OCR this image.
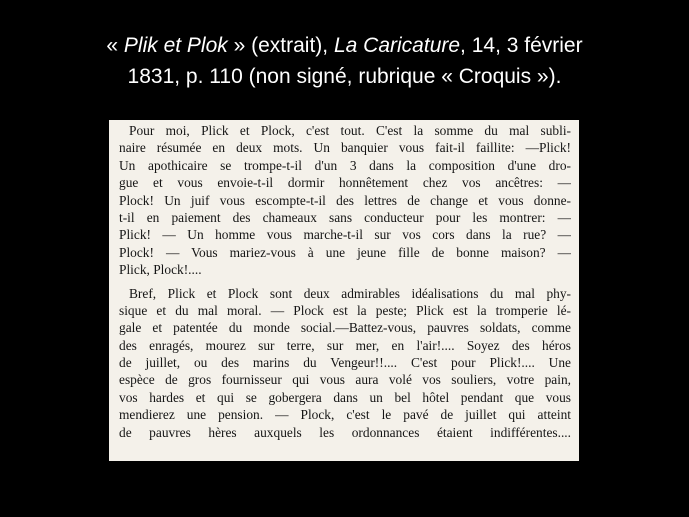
« Plik et Plok » (extrait), La Caricature, 14, 3 février
1831, p. 110 (non signé, rubrique « Croquis »).
Pour moi, Plick et Plock, c'est tout. C'est la somme du mal subli-
naire résumée en deux mots. Un banquier vous fait-il faillite: —Plick!
Un apothicaire se trompe-t-il d'un 3 dans la composition d'une dro-
gue et vous envoie-t-il dormir honnêtement chez vos ancêtres: —
Plock! Un juif vous escompte-t-il des lettres de change et vous donne-
t-il en paiement des chameaux sans conducteur pour les montrer: —
Plick! — Un homme vous marche-t-il sur vos cors dans la rue? —
Plock! — Vous mariez-vous à une jeune fille de bonne maison? —
Plick, Plock!....
Bref, Plick et Plock sont deux admirables idéalisations du mal phy-
sique et du mal moral. — Plock est la peste; Plick est la tromperie lé-
gale et patentée du monde social.—Battez-vous, pauvres soldats, comme
des enragés, mourez sur terre, sur mer, en l'air!.... Soyez des héros
de juillet, ou des marins du Vengeur!!.... C'est pour Plick!.... Une
espèce de gros fournisseur qui vous aura volé vos souliers, votre pain,
vos hardes et qui se gobergera dans un bel hôtel pendant que vous
mendierez une pension. — Plock, c'est le pavé de juillet qui atteint
de pauvres hères auxquels les ordonnances étaient indifférentes....
